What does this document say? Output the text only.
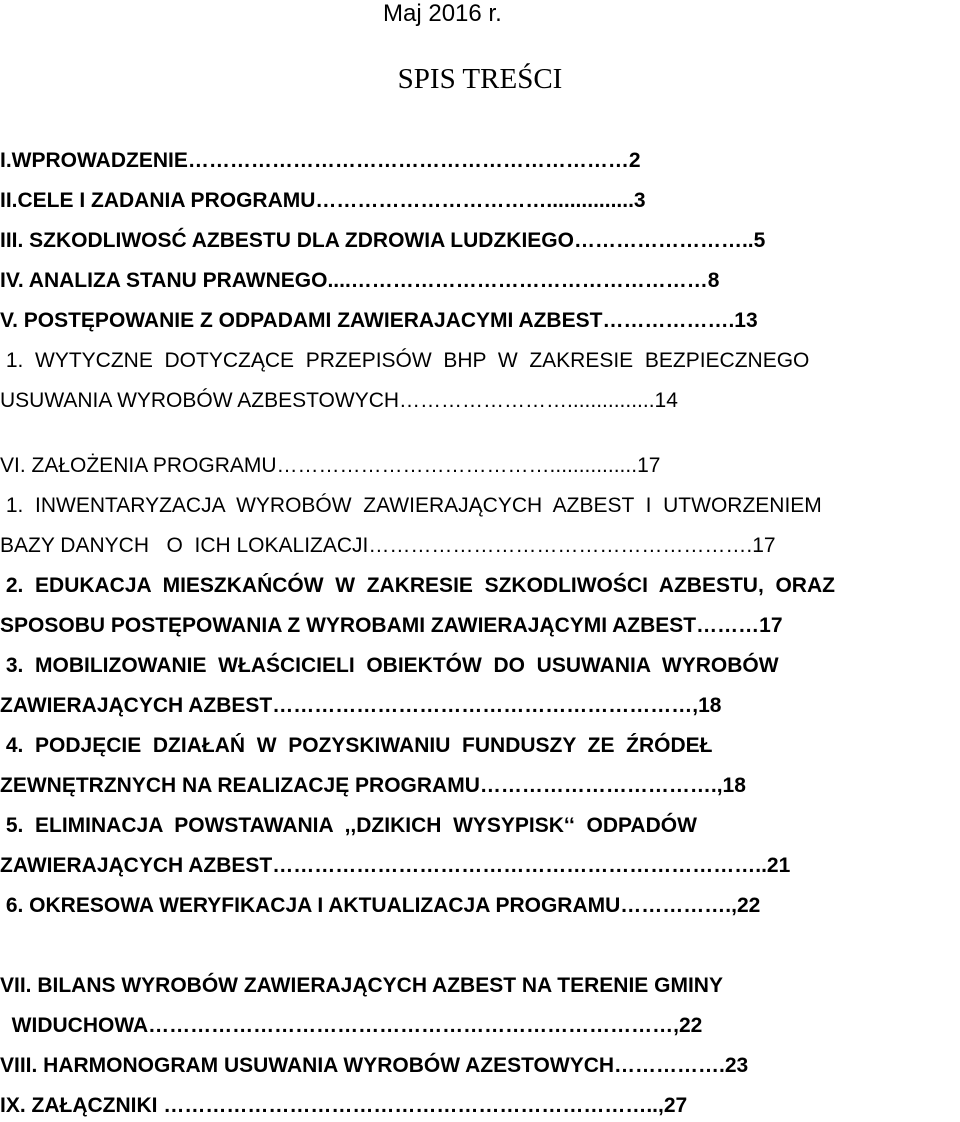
Maj 2016 r.
SPIS TREŚCI
I.WPROWADZENIE………………………………………………………2
II.CELE I ZADANIA PROGRAMU……………………………...............3
III. SZKODLIWOSĆ AZBESTU DLA ZDROWIA LUDZKIEGO……………………..5
IV. ANALIZA STANU PRAWNEGO....……………………………………………8
V. POSTĘPOWANIE Z ODPADAMI ZAWIERAJACYMI AZBEST……………….13
1.  WYTYCZNE  DOTYCZĄCE  PRZEPISÓW  BHP  W  ZAKRESIE  BEZPIECZNEGO
USUWANIA WYROBÓW AZBESTOWYCH……………………...............14
VI. ZAŁOŻENIA PROGRAMU…………………………………...............17
1.  INWENTARYZACJA  WYROBÓW  ZAWIERAJĄCYCH  AZBEST  I  UTWORZENIEM
BAZY DANYCH   O  ICH LOKALIZACJI……………………………………………….17
2.  EDUKACJA  MIESZKAŃCÓW  W  ZAKRESIE  SZKODLIWOŚCI  AZBESTU,  ORAZ
SPOSOBU POSTĘPOWANIA Z WYROBAMI ZAWIERAJĄCYMI AZBEST………17
3.  MOBILIZOWANIE  WŁAŚCICIELI  OBIEKTÓW  DO  USUWANIA  WYROBÓW
ZAWIERAJĄCYCH AZBEST……………………………………………………,18
4.  PODJĘCIE  DZIAŁAŃ  W  POZYSKIWANIU  FUNDUSZY  ZE  ŹRÓDEŁ
ZEWNĘTRZNYCH NA REALIZACJĘ PROGRAMU…………………………….,18
5.  ELIMINACJA  POWSTAWANIA  ,,DZIKICH  WYSYPISK‘‘  ODPADÓW
ZAWIERAJĄCYCH AZBEST……………………………………………………………..21
6. OKRESOWA WERYFIKACJA I AKTUALIZACJA PROGRAMU…………….,22
VII. BILANS WYROBÓW ZAWIERAJĄCYCH AZBEST NA TERENIE GMINY
WIDUCHOWA…………………………………………………………………,22
VIII. HARMONOGRAM USUWANIA WYROBÓW AZESTOWYCH…………….23
IX. ZAŁĄCZNIKI ……………………………………………………………..,27
